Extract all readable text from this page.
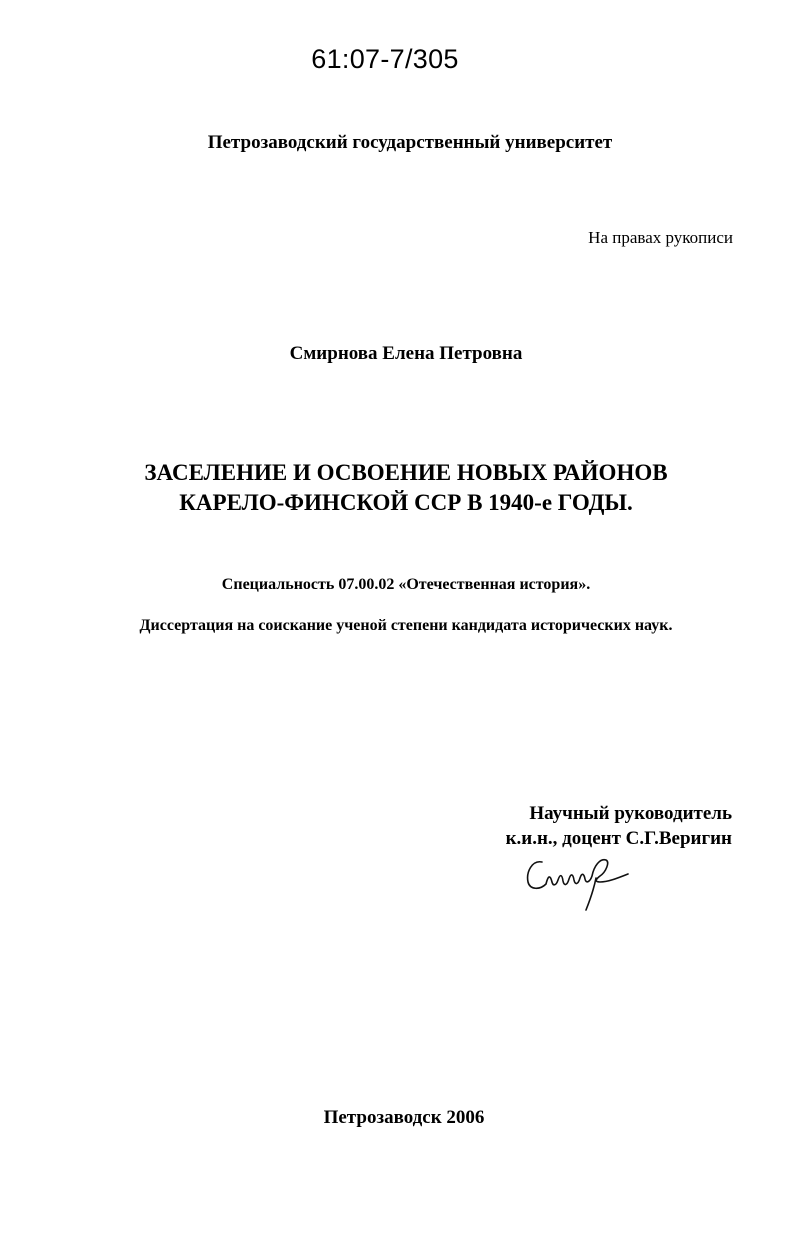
61:07-7/305
Петрозаводский государственный университет
На правах рукописи
Смирнова Елена Петровна
ЗАСЕЛЕНИЕ И ОСВОЕНИЕ НОВЫХ РАЙОНОВ
КАРЕЛО-ФИНСКОЙ ССР В 1940-е ГОДЫ.
Специальность 07.00.02 «Отечественная история».
Диссертация на соискание ученой степени кандидата исторических наук.
Научный руководитель
к.и.н., доцент С.Г.Веригин
Петрозаводск 2006
